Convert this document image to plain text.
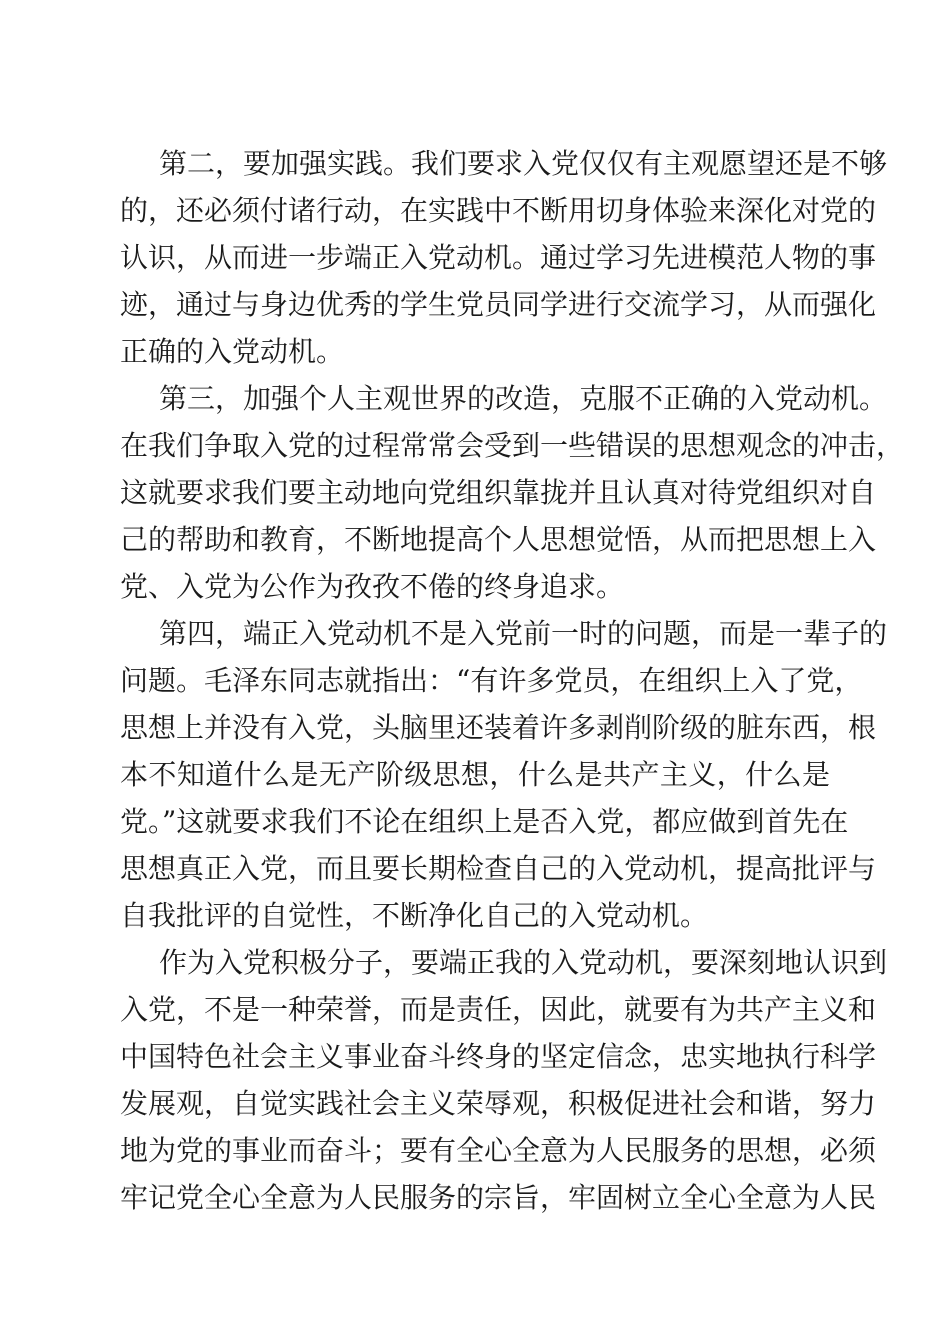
第二，要加强实践。我们要求入党仅仅有主观愿望还是不够
的，还必须付诸行动，在实践中不断用切身体验来深化对党的
认识，从而进一步端正入党动机。通过学习先进模范人物的事
迹，通过与身边优秀的学生党员同学进行交流学习，从而强化
正确的入党动机。
第三，加强个人主观世界的改造，克服不正确的入党动机。
在我们争取入党的过程常常会受到一些错误的思想观念的冲击，
这就要求我们要主动地向党组织靠拢并且认真对待党组织对自
己的帮助和教育，不断地提高个人思想觉悟，从而把思想上入
党、入党为公作为孜孜不倦的终身追求。
第四，端正入党动机不是入党前一时的问题，而是一辈子的
问题。毛泽东同志就指出：“有许多党员，在组织上入了党，
思想上并没有入党，头脑里还装着许多剥削阶级的脏东西，根
本不知道什么是无产阶级思想，什么是共产主义，什么是
党。”这就要求我们不论在组织上是否入党，都应做到首先在
思想真正入党，而且要长期检查自己的入党动机，提高批评与
自我批评的自觉性，不断净化自己的入党动机。
作为入党积极分子，要端正我的入党动机，要深刻地认识到
入党，不是一种荣誉，而是责任，因此，就要有为共产主义和
中国特色社会主义事业奋斗终身的坚定信念，忠实地执行科学
发展观，自觉实践社会主义荣辱观，积极促进社会和谐，努力
地为党的事业而奋斗；要有全心全意为人民服务的思想，必须
牢记党全心全意为人民服务的宗旨，牢固树立全心全意为人民
